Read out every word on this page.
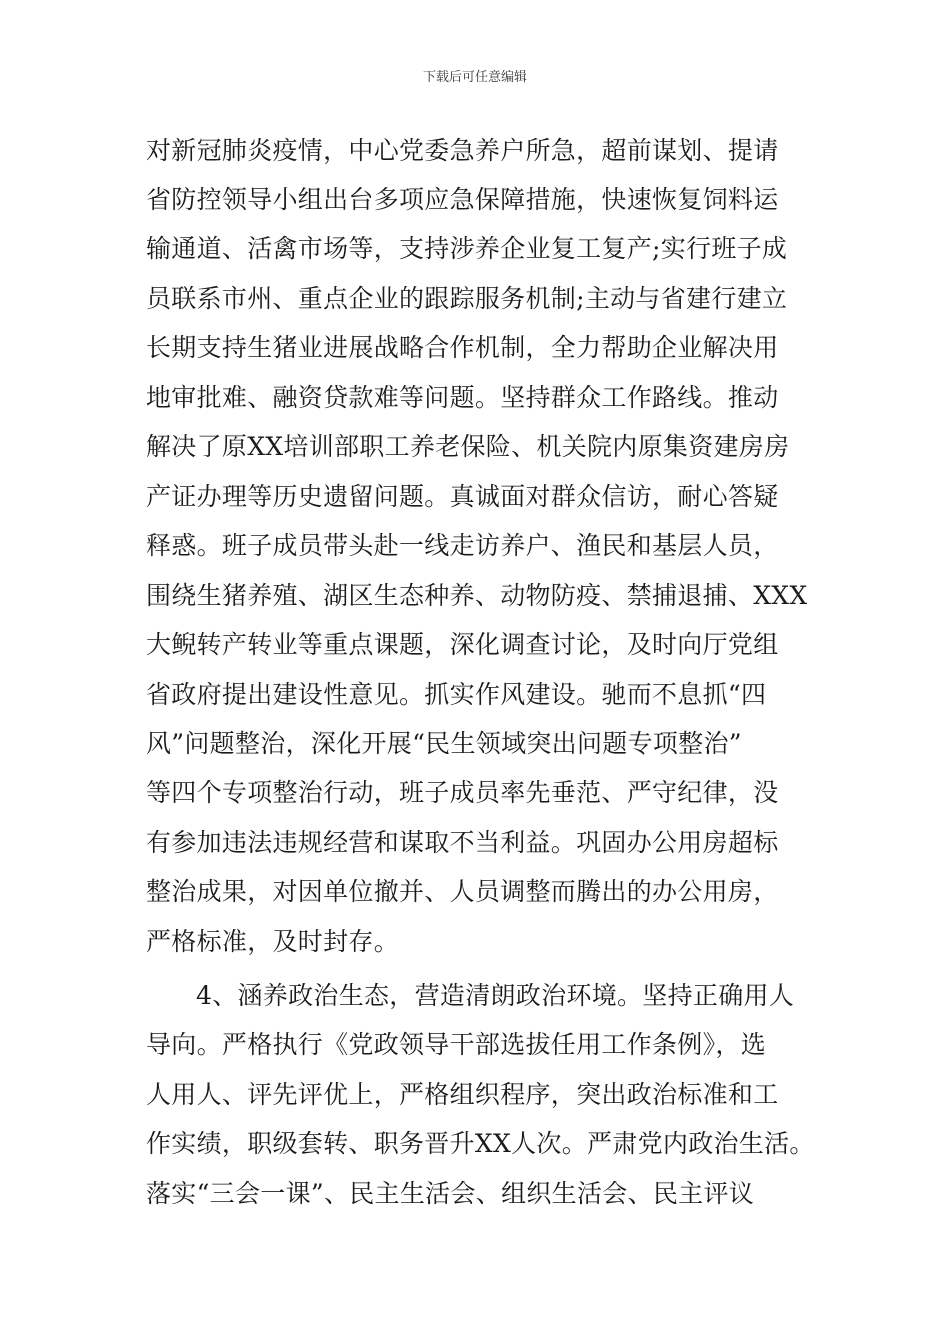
下载后可任意编辑
对新冠肺炎疫情，中心党委急养户所急，超前谋划、提请
省防控领导小组出台多项应急保障措施，快速恢复饲料运
输通道、活禽市场等，支持涉养企业复工复产;实行班子成
员联系市州、重点企业的跟踪服务机制;主动与省建行建立
长期支持生猪业进展战略合作机制，全力帮助企业解决用
地审批难、融资贷款难等问题。坚持群众工作路线。推动
解决了原XX培训部职工养老保险、机关院内原集资建房房
产证办理等历史遗留问题。真诚面对群众信访，耐心答疑
释惑。班子成员带头赴一线走访养户、渔民和基层人员，
围绕生猪养殖、湖区生态种养、动物防疫、禁捕退捕、XXX
大鲵转产转业等重点课题，深化调查讨论，及时向厅党组
省政府提出建设性意见。抓实作风建设。驰而不息抓“四
风”问题整治，深化开展“民生领域突出问题专项整治”
等四个专项整治行动，班子成员率先垂范、严守纪律，没
有参加违法违规经营和谋取不当利益。巩固办公用房超标
整治成果，对因单位撤并、人员调整而腾出的办公用房，
严格标准，及时封存。
4、涵养政治生态，营造清朗政治环境。坚持正确用人
导向。严格执行《党政领导干部选拔任用工作条例》，选
人用人、评先评优上，严格组织程序，突出政治标准和工
作实绩，职级套转、职务晋升XX人次。严肃党内政治生活。
落实“三会一课”、民主生活会、组织生活会、民主评议
